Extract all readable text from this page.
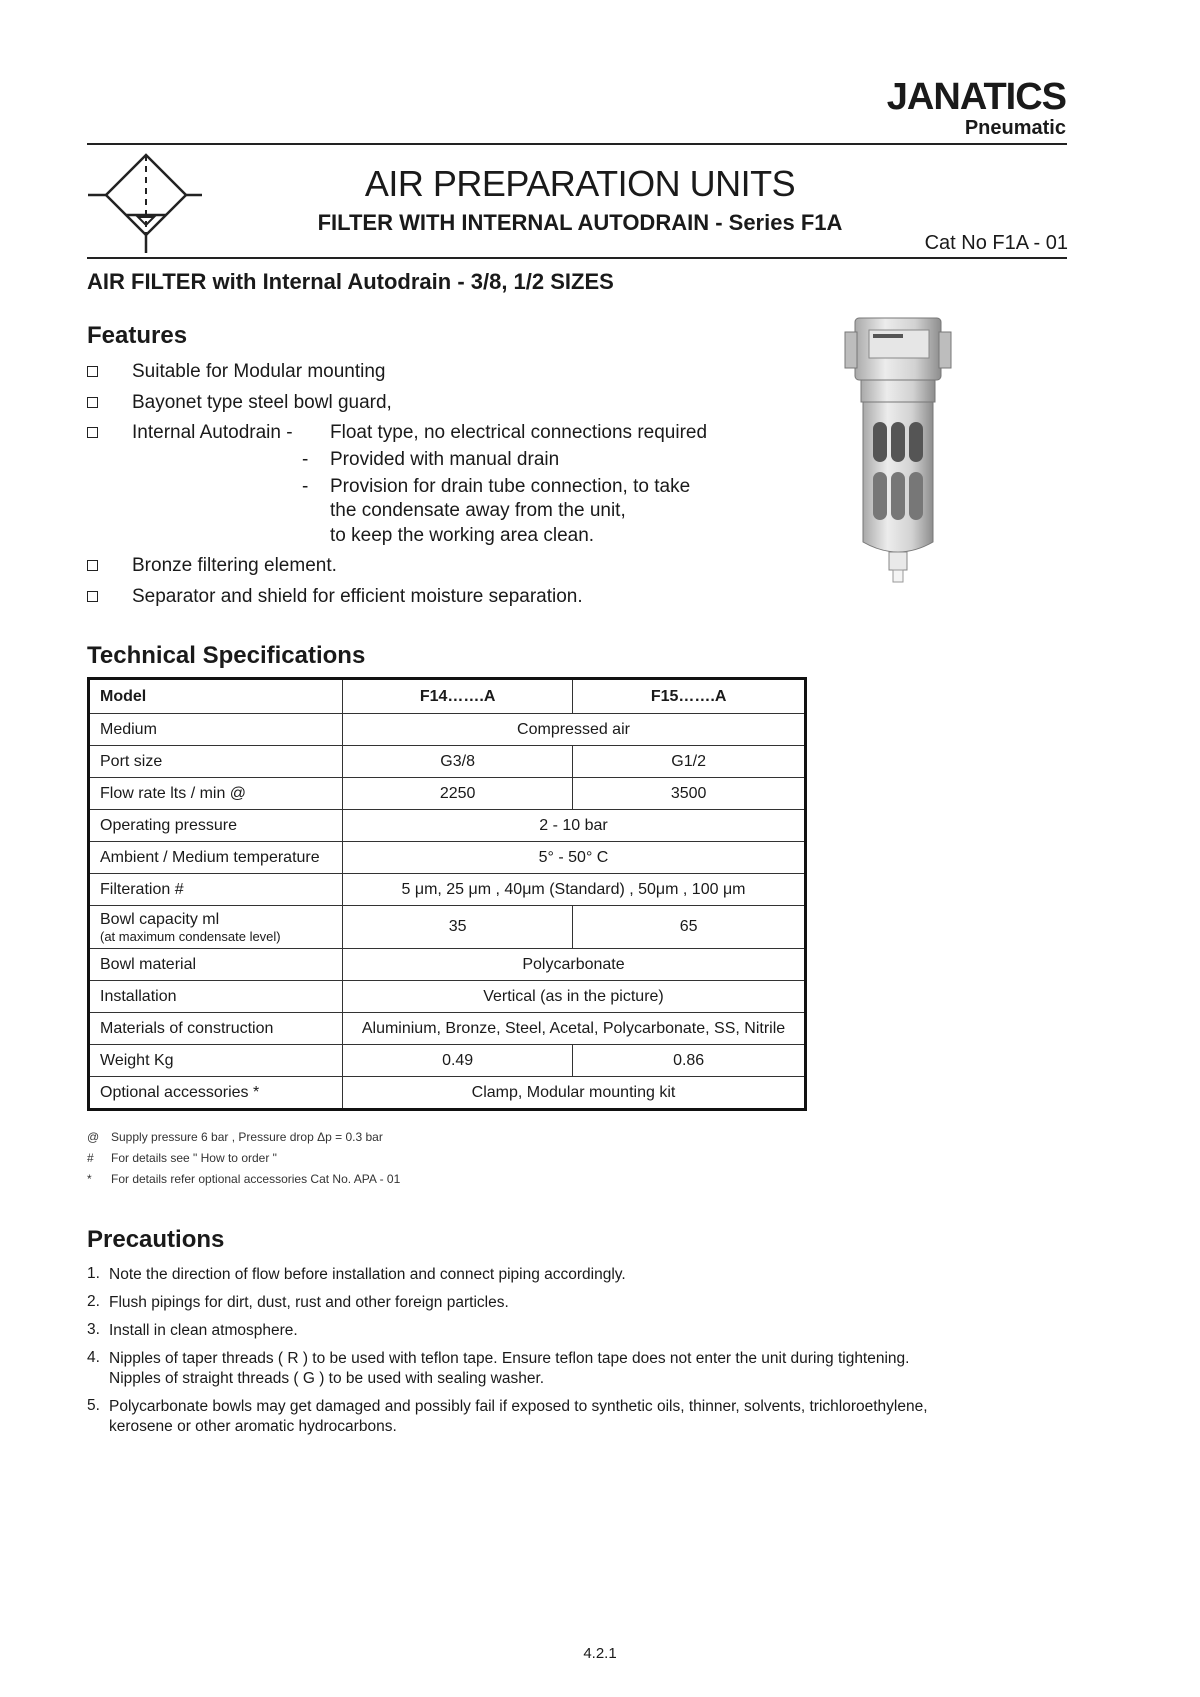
JANATICS
Pneumatic
AIR PREPARATION UNITS
FILTER WITH INTERNAL AUTODRAIN - Series F1A
Cat No F1A - 01
AIR FILTER with Internal Autodrain - 3/8, 1/2 SIZES
Features
Suitable for Modular mounting
Bayonet type steel bowl guard,
Internal Autodrain - Float type, no electrical connections required
- Provided with manual drain
- Provision for drain tube connection, to take
the condensate away from the unit,
to keep the working area clean.
Bronze filtering element.
Separator and shield for efficient moisture separation.
Technical Specifications
Model	F14…….A	F15…….A
Medium	Compressed air	
Port size	G3/8	G1/2
Flow rate lts / min @	2250	3500
Operating pressure	2 - 10 bar	
Ambient / Medium temperature	5° - 50° C	
Filteration #	5 μm, 25 μm , 40μm (Standard) , 50μm , 100 μm	

Bowl capacity ml
(at maximum condensate level)	35	65
Bowl material	Polycarbonate	
Installation	Vertical (as in the picture)	
Materials of construction	Aluminium, Bronze, Steel, Acetal, Polycarbonate, SS, Nitrile	
Weight Kg	0.49	0.86
Optional accessories *	Clamp, Modular mounting kit	
@ Supply pressure 6 bar , Pressure drop Δp = 0.3 bar
# For details see " How to order "
* For details refer optional accessories Cat No. APA - 01
Precautions
1. Note the direction of flow before installation and connect piping accordingly.
2. Flush pipings for dirt, dust, rust and other foreign particles.
3. Install in clean atmosphere.
4. Nipples of taper threads ( R ) to be used with teflon tape. Ensure teflon tape does not enter the unit during tightening.
Nipples of straight threads ( G ) to be used with sealing washer.
5. Polycarbonate bowls may get damaged and possibly fail if exposed to synthetic oils, thinner, solvents, trichloroethylene,
kerosene or other aromatic hydrocarbons.
4.2.1
